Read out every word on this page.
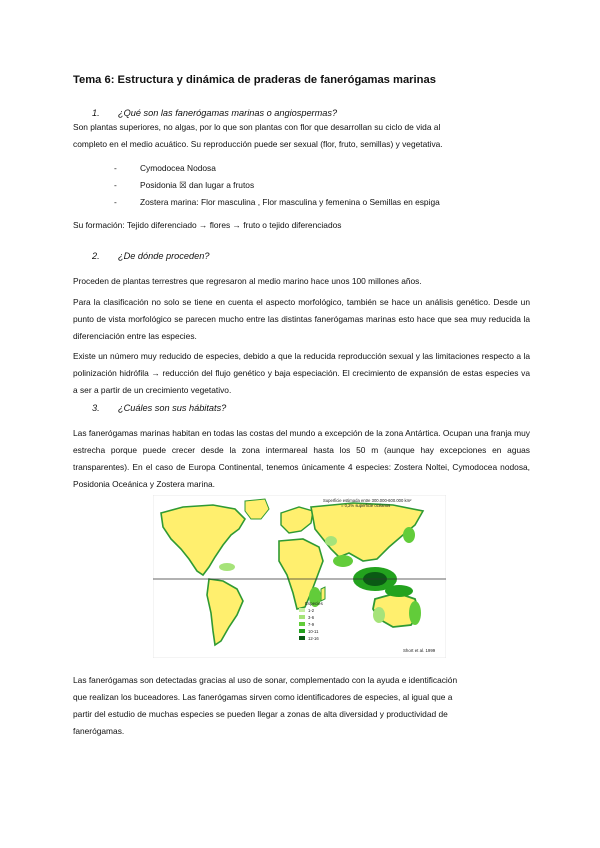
Tema 6: Estructura y dinámica de praderas de fanerógamas marinas
1. ¿Qué son las fanerógamas marinas o angiospermas?
Son plantas superiores, no algas, por lo que son plantas con flor que desarrollan su ciclo de vida al
completo en el medio acuático. Su reproducción puede ser sexual (flor, fruto, semillas) y vegetativa.
-	Cymodocea Nodosa
-	Posidonia ☒ dan lugar a frutos
-	Zostera marina: Flor masculina , Flor masculina y femenina o Semillas en espiga
Su formación: Tejido diferenciado → flores → fruto o tejido diferenciados
2. ¿De dónde proceden?
Proceden de plantas terrestres que regresaron al medio marino hace unos 100 millones años.
Para la clasificación no solo se tiene en cuenta el aspecto morfológico, también se hace un análisis genético. Desde un punto de vista morfológico se parecen mucho entre las distintas fanerógamas marinas esto hace que sea muy reducida la diferenciación entre las especies.
Existe un número muy reducido de especies, debido a que la reducida reproducción sexual y las limitaciones respecto a la polinización hidrófila → reducción del flujo genético y baja especiación. El crecimiento de expansión de estas especies va a ser a partir de un crecimiento vegetativo.
3. ¿Cuáles son sus hábitats?
Las fanerógamas marinas habitan en todas las costas del mundo a excepción de la zona Antártica. Ocupan una franja muy estrecha porque puede crecer desde la zona intermareal hasta los 50 m (aunque hay excepciones en aguas transparentes). En el caso de Europa Continental, tenemos únicamente 4 especies: Zostera Noltei, Cymodocea nodosa, Posidonia Oceánica y Zostera marina.
Superficie estimada entre 300.000-600.000 km²
= 0,2% superficie océanos
Especies
1-2
3-6
7-9
10-11
12-16
Short et al. 1999
Las fanerógamas son detectadas gracias al uso de sonar, complementado con la ayuda e identificación
que realizan los buceadores. Las fanerógamas sirven como identificadores de especies, al igual que a
partir del estudio de muchas especies se pueden llegar a zonas de alta diversidad y productividad de
fanerógamas.
